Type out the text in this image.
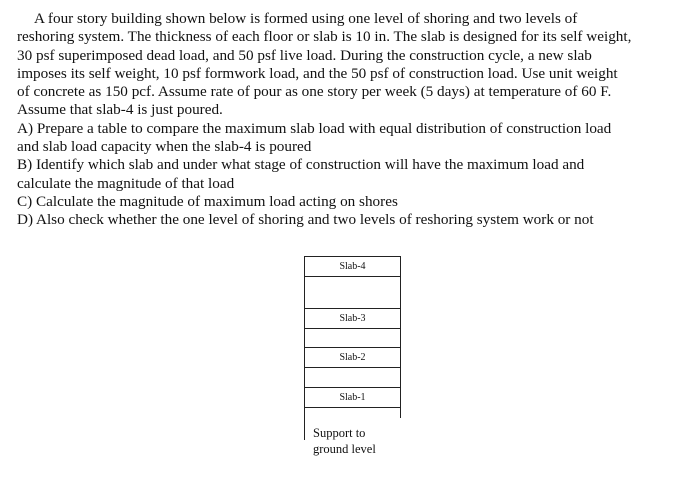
A four story building shown below is formed using one level of shoring and two levels of
reshoring system. The thickness of each floor or slab is 10 in. The slab is designed for its self weight,
30 psf superimposed dead load, and 50 psf live load. During the construction cycle, a new slab
imposes its self weight, 10 psf formwork load, and the 50 psf of construction load. Use unit weight
of concrete as 150 pcf. Assume rate of pour as one story per week (5 days) at temperature of 60 F.
Assume that slab-4 is just poured.
A) Prepare a table to compare the maximum slab load with equal distribution of construction load
and slab load capacity when the slab-4 is poured
B) Identify which slab and under what stage of construction will have the maximum load and
calculate the magnitude of that load
C) Calculate the magnitude of maximum load acting on shores
D) Also check whether the one level of shoring and two levels of reshoring system work or not
Slab-4
Slab-3
Slab-2
Slab-1
Support to
ground level
